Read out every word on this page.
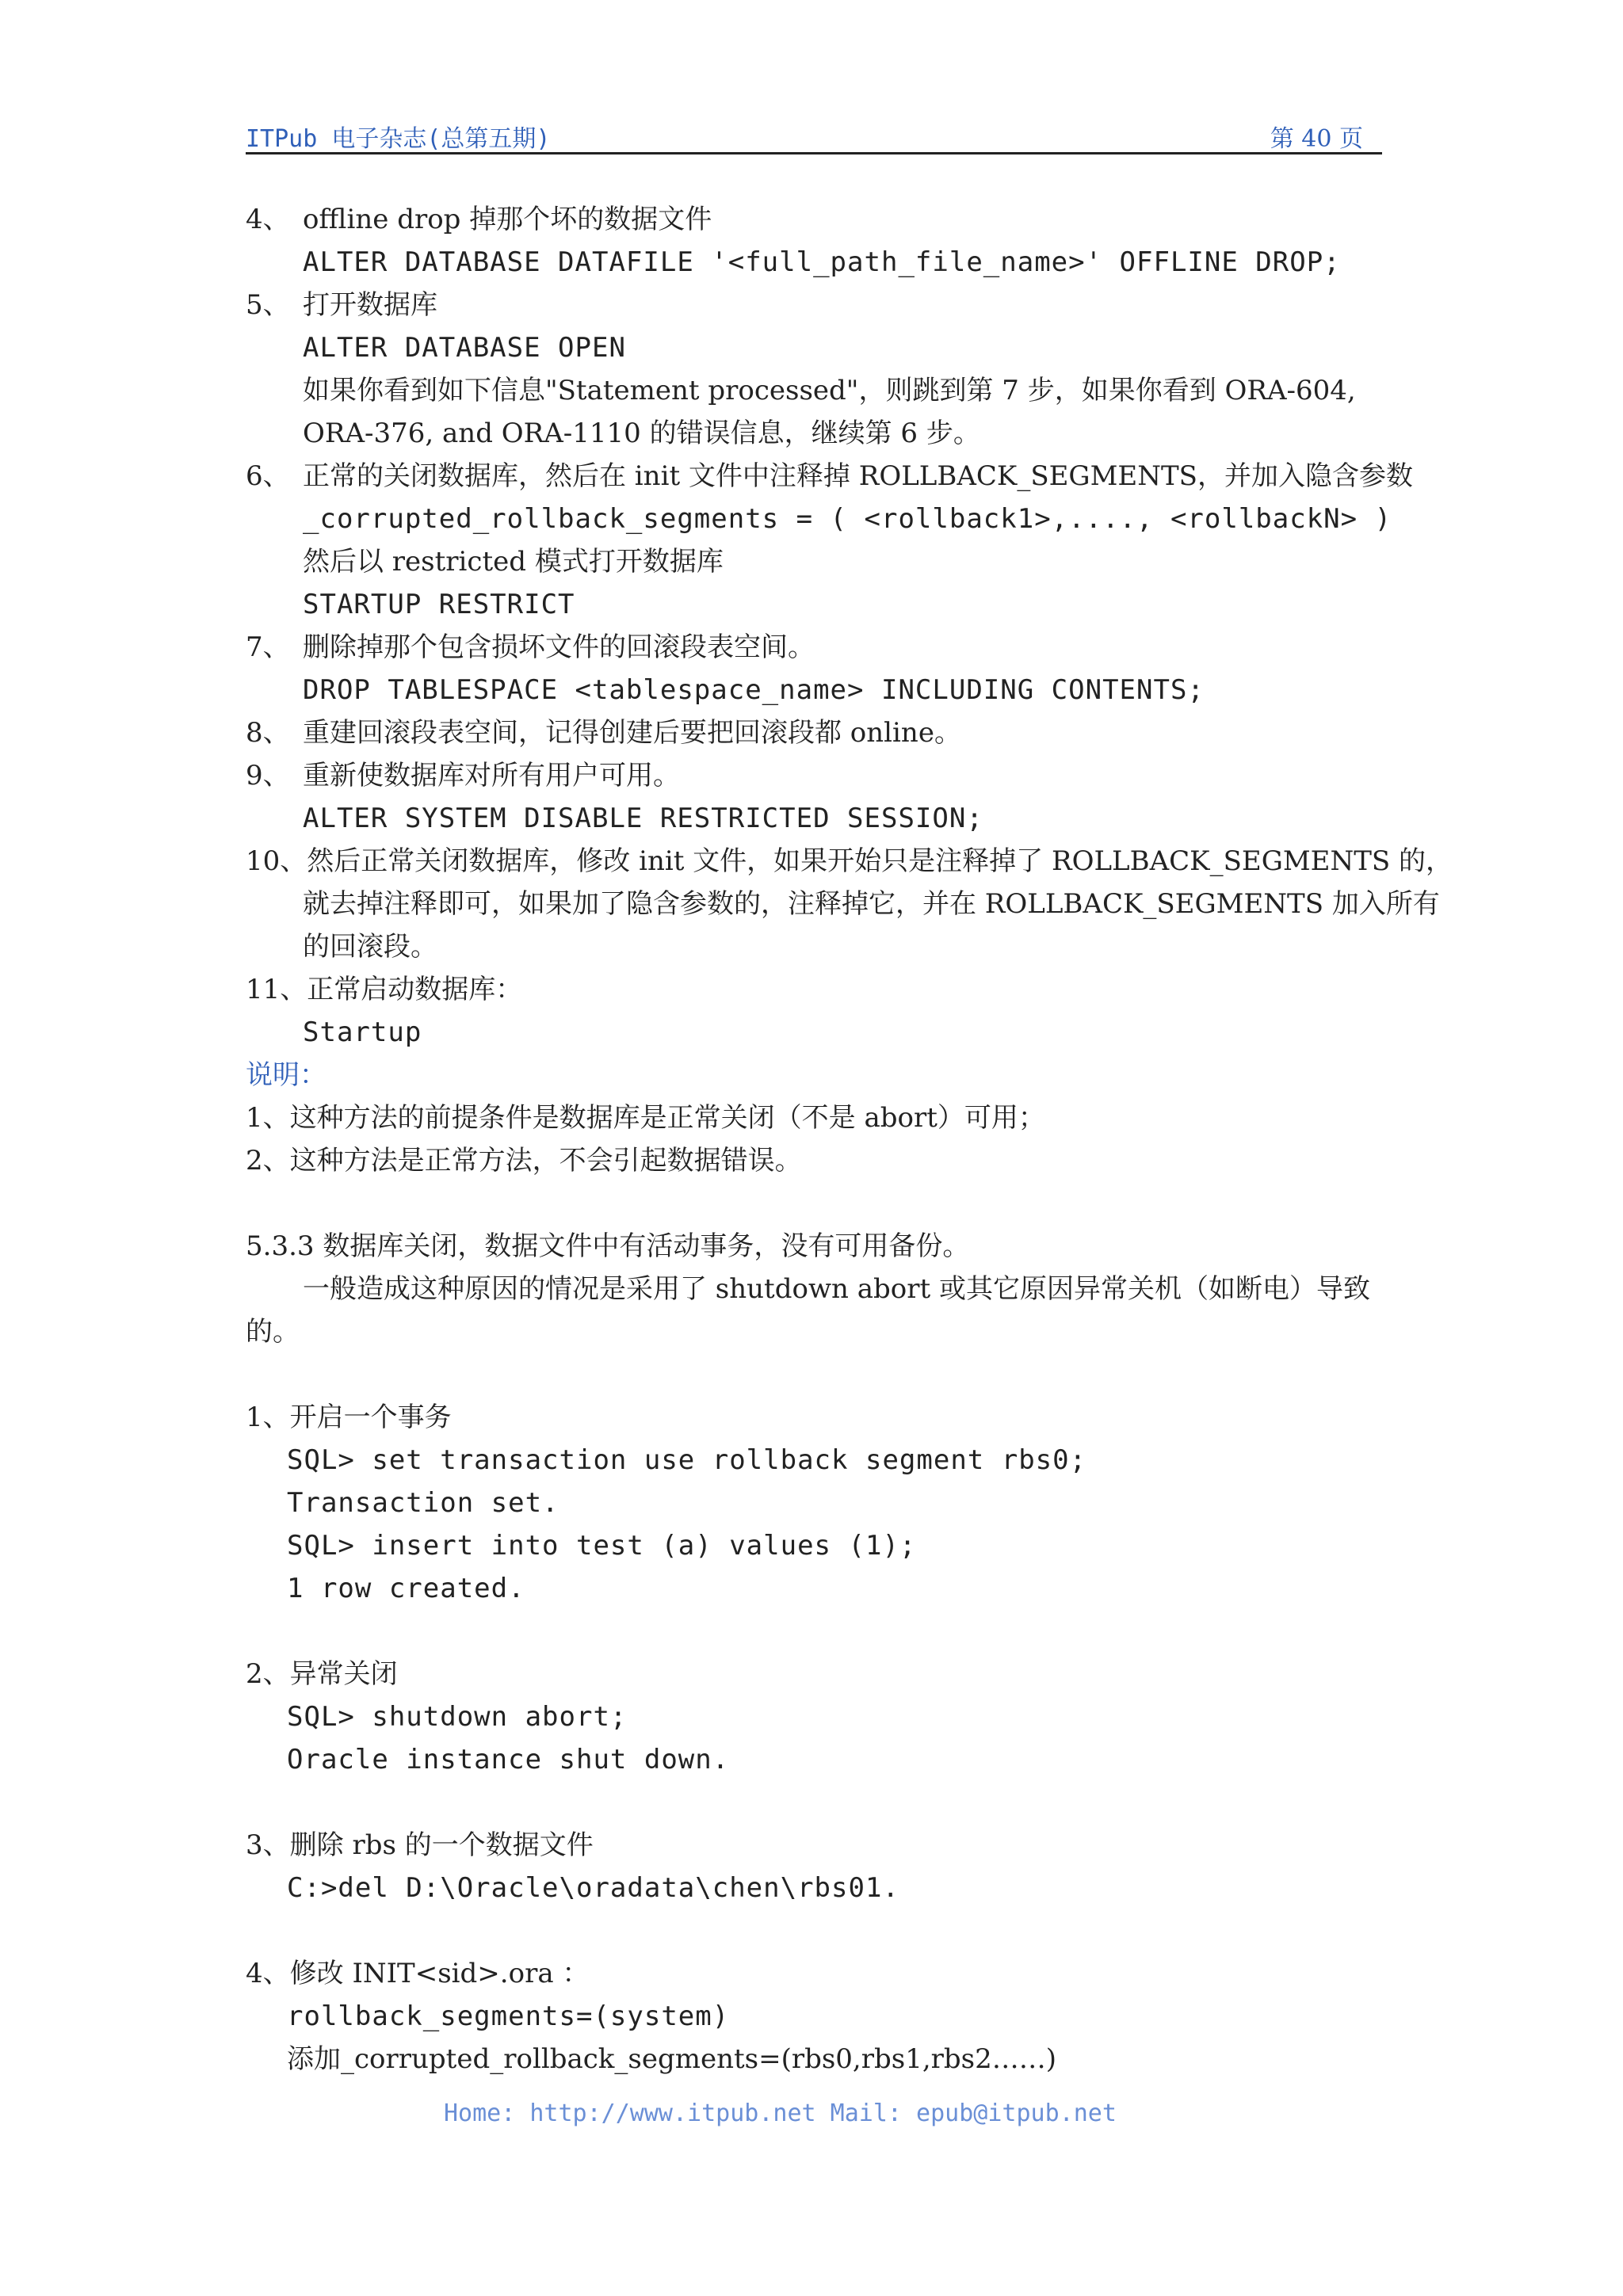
ITPub 电子杂志(总第五期)	第 40 页
4、 offline drop 掉那个坏的数据文件
ALTER DATABASE DATAFILE '<full_path_file_name>' OFFLINE DROP;
5、 打开数据库
ALTER DATABASE OPEN
如果你看到如下信息"Statement processed"，则跳到第 7 步，如果你看到 ORA-604,
ORA-376, and ORA-1110 的错误信息，继续第 6 步。
6、 正常的关闭数据库，然后在 init 文件中注释掉 ROLLBACK_SEGMENTS，并加入隐含参数
_corrupted_rollback_segments = ( <rollback1>,...., <rollbackN> )
然后以 restricted 模式打开数据库
STARTUP RESTRICT
7、 删除掉那个包含损坏文件的回滚段表空间。
DROP TABLESPACE <tablespace_name> INCLUDING CONTENTS;
8、 重建回滚段表空间，记得创建后要把回滚段都 online。
9、 重新使数据库对所有用户可用。
ALTER SYSTEM DISABLE RESTRICTED SESSION;
10、然后正常关闭数据库，修改 init 文件，如果开始只是注释掉了 ROLLBACK_SEGMENTS 的，
就去掉注释即可，如果加了隐含参数的，注释掉它，并在 ROLLBACK_SEGMENTS 加入所有
的回滚段。
11、正常启动数据库：
Startup
说明：
1、这种方法的前提条件是数据库是正常关闭（不是 abort）可用；
2、这种方法是正常方法，不会引起数据错误。
5.3.3 数据库关闭，数据文件中有活动事务，没有可用备份。
一般造成这种原因的情况是采用了 shutdown abort 或其它原因异常关机（如断电）导致
的。
1、开启一个事务
SQL> set transaction use rollback segment rbs0;
Transaction set.
SQL> insert into test (a) values (1);
1 row created.
2、异常关闭
SQL> shutdown abort;
Oracle instance shut down.
3、删除 rbs 的一个数据文件
C:>del D:\Oracle\oradata\chen\rbs01.
4、修改 INIT<sid>.ora ：
rollback_segments=(system)
添加_corrupted_rollback_segments=(rbs0,rbs1,rbs2……)
Home: http://www.itpub.net Mail: epub@itpub.net
